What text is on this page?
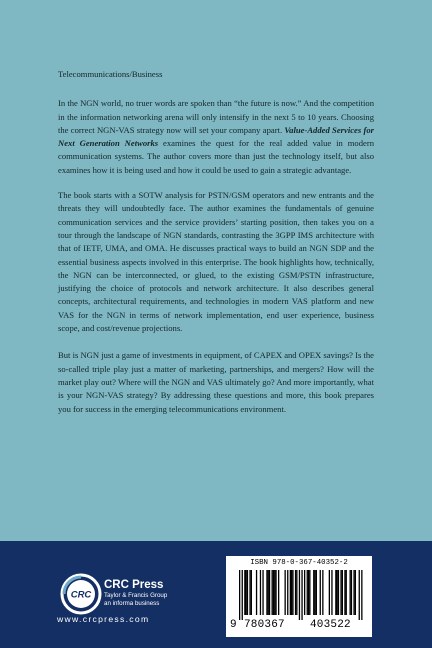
Telecommunications/Business

In the NGN world, no truer words are spoken than “the future is now.” And the competition in the information networking arena will only intensify in the next 5 to 10 years. Choosing the correct NGN-VAS strategy now will set your company apart. Value-Added Services for Next Generation Networks examines the quest for the real added value in modern communication systems. The author covers more than just the technology itself, but also examines how it is being used and how it could be used to gain a strategic advantage.

The book starts with a SOTW analysis for PSTN/GSM operators and new entrants and the threats they will undoubtedly face. The author examines the fundamentals of genuine communication services and the service providers’ starting position, then takes you on a tour through the landscape of NGN standards, contrasting the 3GPP IMS architecture with that of IETF, UMA, and OMA. He discusses practical ways to build an NGN SDP and the essential business aspects involved in this enterprise. The book highlights how, technically, the NGN can be interconnected, or glued, to the existing GSM/PSTN infrastructure, justifying the choice of protocols and network architecture. It also describes general concepts, architectural requirements, and technologies in modern VAS platform and new VAS for the NGN in terms of network implementation, end user experience, business scope, and cost/revenue projections.

But is NGN just a game of investments in equipment, of CAPEX and OPEX savings? Is the so-called triple play just a matter of marketing, partnerships, and mergers? How will the market play out? Where will the NGN and VAS ultimately go? And more importantly, what is your NGN-VAS strategy? By addressing these questions and more, this book prepares you for success in the emerging telecommunications environment.

CRC
CRC Press
Taylor & Francis Group
an informa business
www.crcpress.com
ISBN 978-0-367-40352-2
9 780367 403522
